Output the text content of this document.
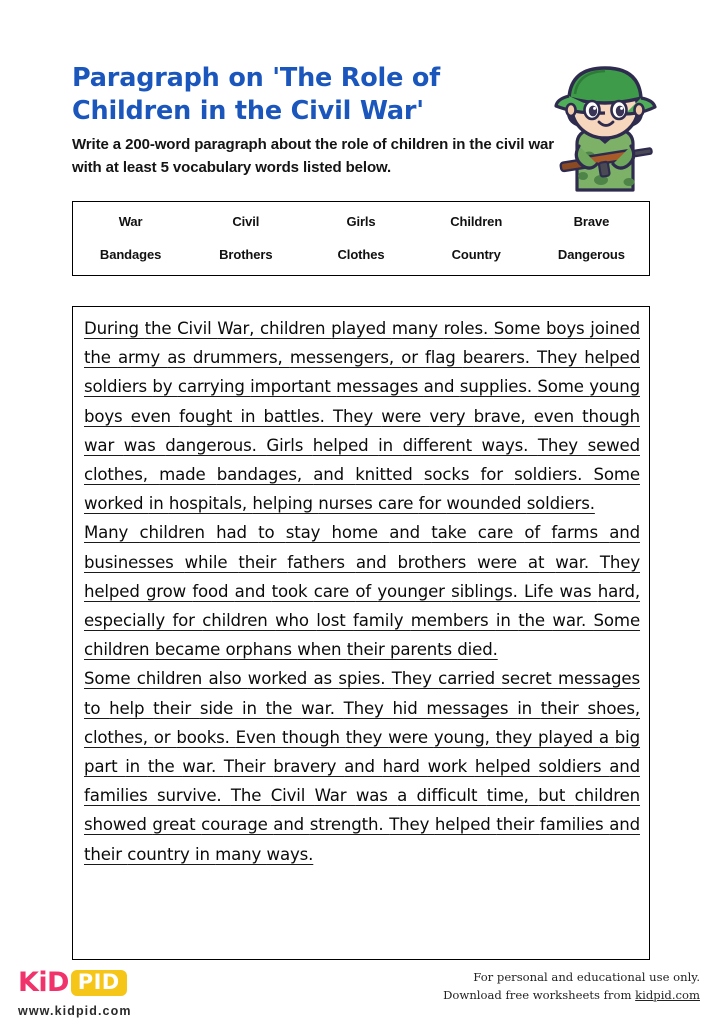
Paragraph on 'The Role of Children in the Civil War'

Write a 200-word paragraph about the role of children in the civil war with at least 5 vocabulary words listed below.

War	Civil	Girls	Children	Brave
Bandages	Brothers	Clothes	Country	Dangerous

During the Civil War, children played many roles. Some boys joined the army as drummers, messengers, or flag bearers. They helped soldiers by carrying important messages and supplies. Some young boys even fought in battles. They were very brave, even though war was dangerous. Girls helped in different ways. They sewed clothes, made bandages, and knitted socks for soldiers. Some worked in hospitals, helping nurses care for wounded soldiers.

Many children had to stay home and take care of farms and businesses while their fathers and brothers were at war. They helped grow food and took care of younger siblings. Life was hard, especially for children who lost family members in the war. Some children became orphans when their parents died.

Some children also worked as spies. They carried secret messages to help their side in the war. They hid messages in their shoes, clothes, or books. Even though they were young, they played a big part in the war. Their bravery and hard work helped soldiers and families survive. The Civil War was a difficult time, but children showed great courage and strength. They helped their families and their country in many ways.

KiD PID
www.kidpid.com
For personal and educational use only.
Download free worksheets from kidpid.com
